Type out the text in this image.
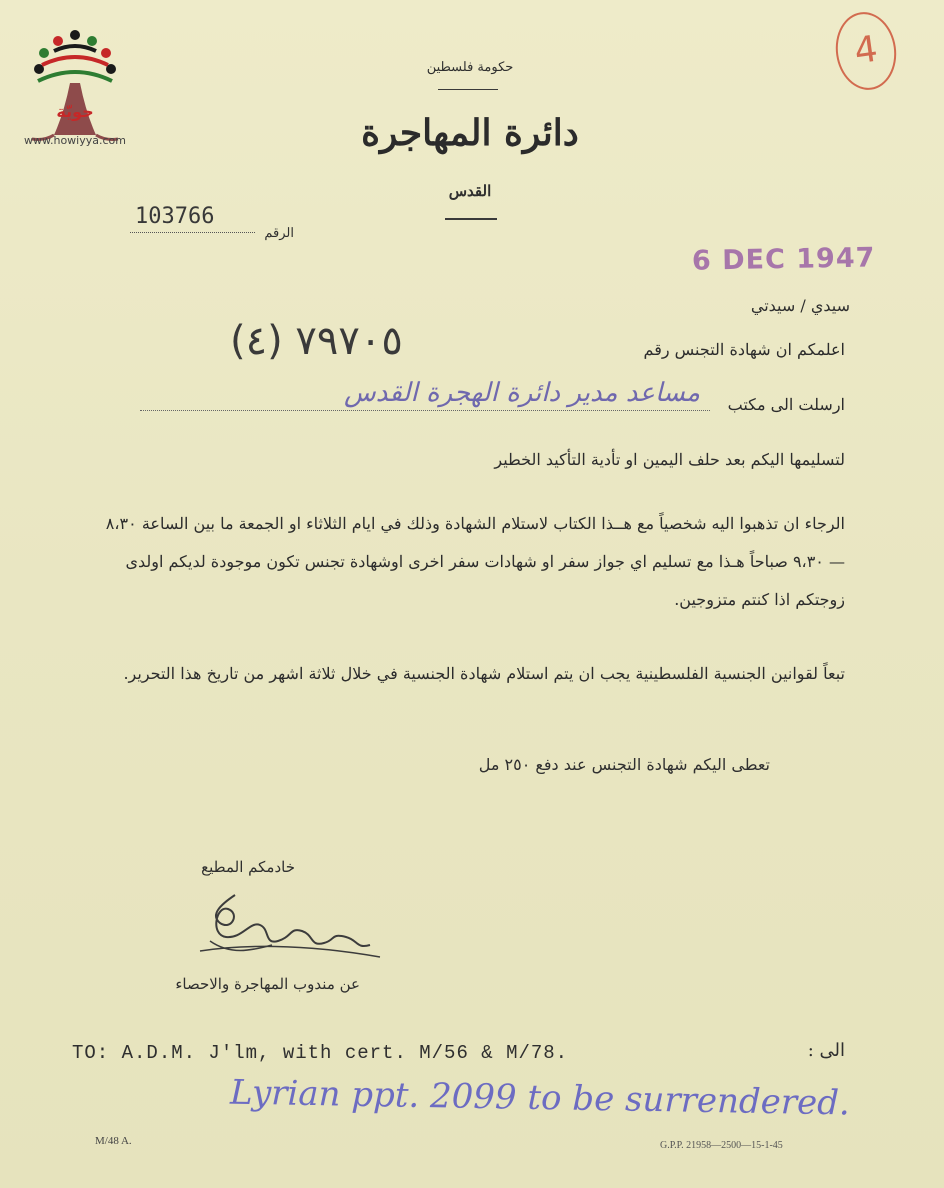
حويّة
www.howiyya.com
4
حكومة فلسطين
دائرة المهاجرة
القدس
103766
الرقم
6 DEC 1947
سيدي / سيدتي
اعلمكم ان شهادة التجنس رقم
(٤) ٧٩٧٠٥
ارسلت الى مكتب
مساعد مدير دائرة الهجرة القدس
لتسليمها اليكم بعد حلف اليمين او تأدية التأكيد الخطير
الرجاء ان تذهبوا اليه شخصياً مع هــذا الكتاب لاستلام الشهادة وذلك في ايام الثلاثاء او الجمعة ما بين الساعة ٨،٣٠ — ٩،٣٠ صباحاً هـذا مع تسليم اي جواز سفر او شهادات سفر اخرى اوشهادة تجنس تكون موجودة لديكم اولدى زوجتكم اذا كنتم متزوجين.
تبعاً لقوانين الجنسية الفلسطينية يجب ان يتم استلام شهادة الجنسية في خلال ثلاثة اشهر من تاريخ هذا التحرير.
تعطى اليكم شهادة التجنس عند دفع ٢٥٠ مل
خادمكم المطيع
عن مندوب المهاجرة والاحصاء
الى :
TO: A.D.M. J'lm, with cert. M/56 & M/78.
Lyrian ppt. 2099 to be surrendered.
M/48 A.	G.P.P. 21958—2500—15-1-45
